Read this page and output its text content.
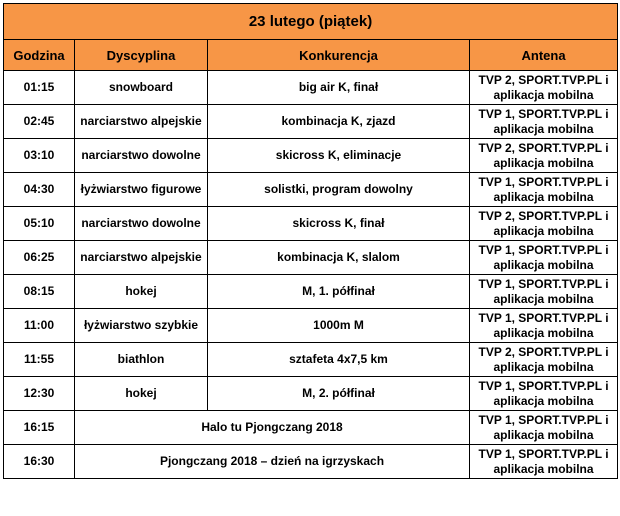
23 lutego (piątek)			
Godzina	Dyscyplina	Konkurencja	Antena
01:15	snowboard	big air K, finał	TVP 2, SPORT.TVP.PL i aplikacja mobilna
02:45	narciarstwo alpejskie	kombinacja K, zjazd	TVP 1, SPORT.TVP.PL i aplikacja mobilna
03:10	narciarstwo dowolne	skicross K, eliminacje	TVP 2, SPORT.TVP.PL i aplikacja mobilna
04:30	łyżwiarstwo figurowe	solistki, program dowolny	TVP 1, SPORT.TVP.PL i aplikacja mobilna
05:10	narciarstwo dowolne	skicross K, finał	TVP 2, SPORT.TVP.PL i aplikacja mobilna
06:25	narciarstwo alpejskie	kombinacja K, slalom	TVP 1, SPORT.TVP.PL i aplikacja mobilna
08:15	hokej	M, 1. półfinał	TVP 1, SPORT.TVP.PL i aplikacja mobilna
11:00	łyżwiarstwo szybkie	1000m M	TVP 1, SPORT.TVP.PL i aplikacja mobilna
11:55	biathlon	sztafeta 4x7,5 km	TVP 2, SPORT.TVP.PL i aplikacja mobilna
12:30	hokej	M, 2. półfinał	TVP 1, SPORT.TVP.PL i aplikacja mobilna
16:15	Halo tu Pjongczang 2018		TVP 1, SPORT.TVP.PL i aplikacja mobilna
16:30	Pjongczang 2018 – dzień na igrzyskach		TVP 1, SPORT.TVP.PL i aplikacja mobilna
